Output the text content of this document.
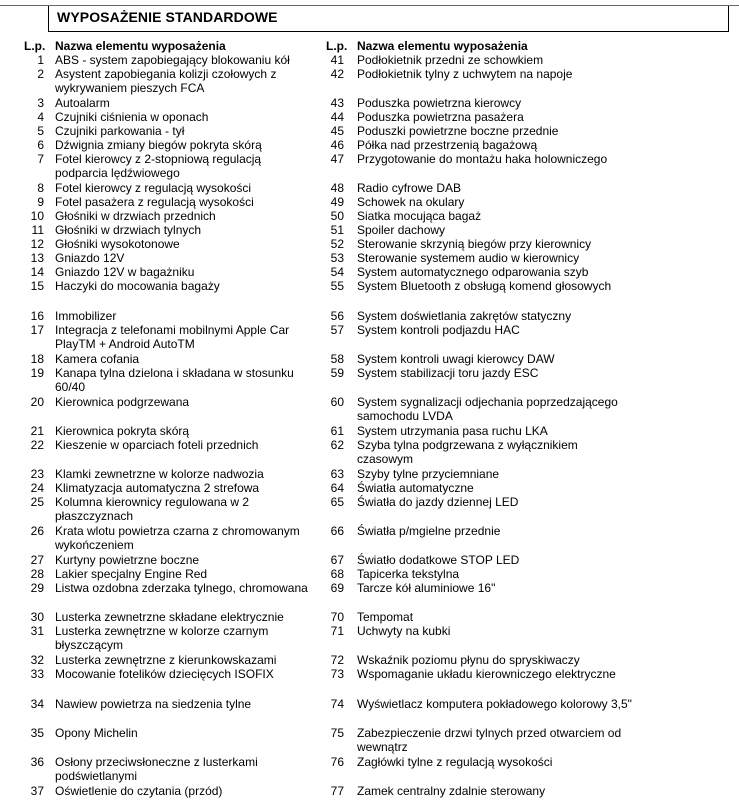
WYPOSAŻENIE STANDARDOWE
L.p. Nazwa elementu wyposażenia
1 ABS - system zapobiegający blokowaniu kół
2 Asystent zapobiegania kolizji czołowych z wykrywaniem pieszych FCA
3 Autoalarm
4 Czujniki ciśnienia w oponach
5 Czujniki parkowania - tył
6 Dźwignia zmiany biegów pokryta skórą
7 Fotel kierowcy z 2-stopniową regulacją podparcia lędźwiowego
8 Fotel kierowcy z regulacją wysokości
9 Fotel pasażera z regulacją wysokości
10 Głośniki w drzwiach przednich
11 Głośniki w drzwiach tylnych
12 Głośniki wysokotonowe
13 Gniazdo 12V
14 Gniazdo 12V w bagażniku
15 Haczyki do mocowania bagaży
16 Immobilizer
17 Integracja z telefonami mobilnymi Apple Car PlayTM + Android AutoTM
18 Kamera cofania
19 Kanapa tylna dzielona i składana w stosunku 60/40
20 Kierownica podgrzewana
21 Kierownica pokryta skórą
22 Kieszenie w oparciach foteli przednich
23 Klamki zewnetrzne w kolorze nadwozia
24 Klimatyzacja automatyczna 2 strefowa
25 Kolumna kierownicy regulowana w 2 płaszczyznach
26 Krata wlotu powietrza czarna z chromowanym wykończeniem
27 Kurtyny powietrzne boczne
28 Lakier specjalny Engine Red
29 Listwa ozdobna zderzaka tylnego, chromowana
30 Lusterka zewnetrzne składane elektrycznie
31 Lusterka zewnętrzne w kolorze czarnym błyszczącym
32 Lusterka zewnętrzne z kierunkowskazami
33 Mocowanie fotelików dziecięcych ISOFIX
34 Nawiew powietrza na siedzenia tylne
35 Opony Michelin
36 Osłony przeciwsłoneczne z lusterkami podświetlanymi
37 Oświetlenie do czytania (przód)
L.p. Nazwa elementu wyposażenia
41 Podłokietnik przedni ze schowkiem
42 Podłokietnik tylny z uchwytem na napoje
43 Poduszka powietrzna kierowcy
44 Poduszka powietrzna pasażera
45 Poduszki powietrzne boczne przednie
46 Półka nad przestrzenią bagażową
47 Przygotowanie do montażu haka holowniczego
48 Radio cyfrowe DAB
49 Schowek na okulary
50 Siatka mocująca bagaż
51 Spoiler dachowy
52 Sterowanie skrzynią biegów przy kierownicy
53 Sterowanie systemem audio w kierownicy
54 System automatycznego odparowania szyb
55 System Bluetooth z obsługą komend głosowych
56 System doświetlania zakrętów statyczny
57 System kontroli podjazdu HAC
58 System kontroli uwagi kierowcy DAW
59 System stabilizacji toru jazdy ESC
60 System sygnalizacji odjechania poprzedzającego samochodu LVDA
61 System utrzymania pasa ruchu LKA
62 Szyba tylna podgrzewana z wyłącznikiem czasowym
63 Szyby tylne przyciemniane
64 Światła automatyczne
65 Światła do jazdy dziennej LED
66 Światła p/mgielne przednie
67 Światło dodatkowe STOP LED
68 Tapicerka tekstylna
69 Tarcze kół aluminiowe 16"
70 Tempomat
71 Uchwyty na kubki
72 Wskaźnik poziomu płynu do spryskiwaczy
73 Wspomaganie układu kierowniczego elektryczne
74 Wyświetlacz komputera pokładowego kolorowy 3,5"
75 Zabezpieczenie drzwi tylnych przed otwarciem od wewnątrz
76 Zagłówki tylne z regulacją wysokości
77 Zamek centralny zdalnie sterowany
